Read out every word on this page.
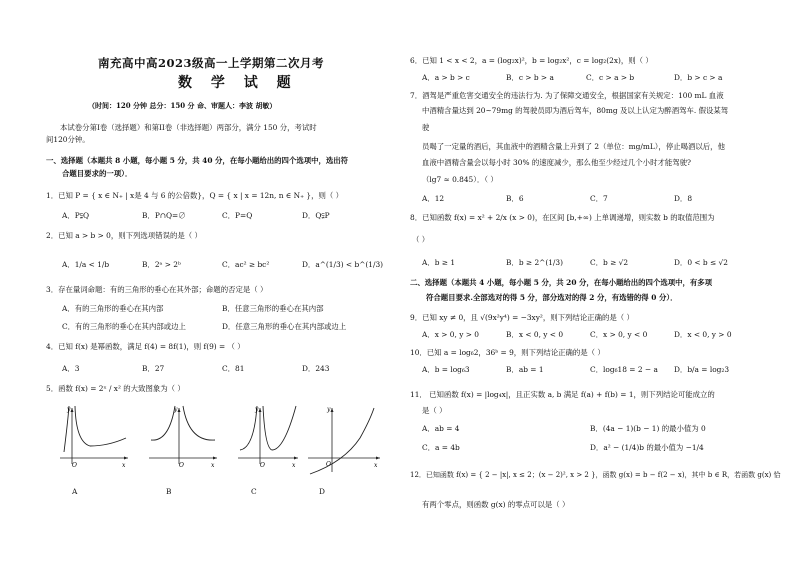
南充高中高2023级高一上学期第二次月考
数 学 试 题
（时间：120 分钟 总分：150 分 命、审题人：李波 胡敏）
本试卷分第I卷（选择题）和第II卷（非选择题）两部分，满分 150 分，考试时
间120分钟。
一、选择题（本题共 8 小题，每小题 5 分，共 40 分，在每小题给出的四个选项中，选出符
合题目要求的一项）．
1．已知 P = { x ∈ N₊ | x是 4 与 6 的公倍数}，Q = { x | x = 12n, n ∈ N₊ }，则（ ）
A．P⫋Q	B．P∩Q=∅	C．P=Q	D．Q⫋P
2．已知 a > b > 0，则下列选项错误的是（ ）
A．1/a < 1/b	B．2ᵃ > 2ᵇ	C．ac² ≥ bc²	D．a^(1/3) < b^(1/3)
3．存在量词命题：有的三角形的垂心在其外部；命题的否定是（ ）
A．有的三角形的垂心在其内部	B．任意三角形的垂心在其内部
C．有的三角形的垂心在其内部或边上	D．任意三角形的垂心在其内部或边上
4．已知 f(x) 是幂函数，满足 f(4) = 8f(1)，则 f(9) = （ ）
A．3	B．27	C．81	D．243
5．函数 f(x) = 2ˣ / x² 的大致图象为（ ）
y
O	x
y
O	x
y
O	x
y
O	x
A	B	C	D
6．已知 1 < x < 2，a = (log₂x)²，b = log₂x²，c = log₂(2x)，则（ ）
A．a > b > c	B．c > b > a	C．c > a > b	D．b > c > a
7．酒驾是严重危害交通安全的违法行为. 为了保障交通安全，根据国家有关规定：100 mL 血液
中酒精含量达到 20~79mg 的驾驶员即为酒后驾车，80mg 及以上认定为醉酒驾车. 假设某驾
驶
员喝了一定量的酒后，其血液中的酒精含量上升到了 2（单位：mg/mL），停止喝酒以后，他
血液中酒精含量会以每小时 30% 的速度减少，那么他至少经过几个小时才能驾驶?
（lg7 ≈ 0.845）．（ ）
A．12	B．6	C．7	D．8
8．已知函数 f(x) = x² + 2/x (x > 0)，在区间 [b,+∞) 上单调递增，则实数 b 的取值范围为
（ ）
A．b ≥ 1	B．b ≥ 2^(1/3)	C．b ≥ √2	D．0 < b ≤ √2
二、选择题（本题共 4 小题，每小题 5 分，共 20 分，在每小题给出的四个选项中，有多项
符合题目要求.全部选对的得 5 分，部分选对的得 2 分，有选错的得 0 分）．
9．已知 xy ≠ 0，且 √(9x²y⁴) = −3xy²，则下列结论正确的是（ ）
A．x > 0, y > 0	B．x < 0, y < 0	C．x > 0, y < 0	D．x < 0, y > 0
10．已知 a = log₆2，36ᵇ = 9，则下列结论正确的是（ ）
A．b = log₆3	B．ab = 1	C．log₆18 = 2 − a D．b/a = log₂3
11． 已知函数 f(x) = |log₄x|，且正实数 a, b 满足 f(a) + f(b) = 1，则下列结论可能成立的
是（ ）
A．ab = 4	B．(4a − 1)(b − 1) 的最小值为 0
C．a = 4b	D．a² − (1/4)b 的最小值为 −1/4
12．已知函数 f(x) = { 2 − |x|, x ≤ 2；(x − 2)², x > 2 }，函数 g(x) = b − f(2 − x)，其中 b ∈ R，若函数 g(x) 恰
有两个零点，则函数 g(x) 的零点可以是（ ）
